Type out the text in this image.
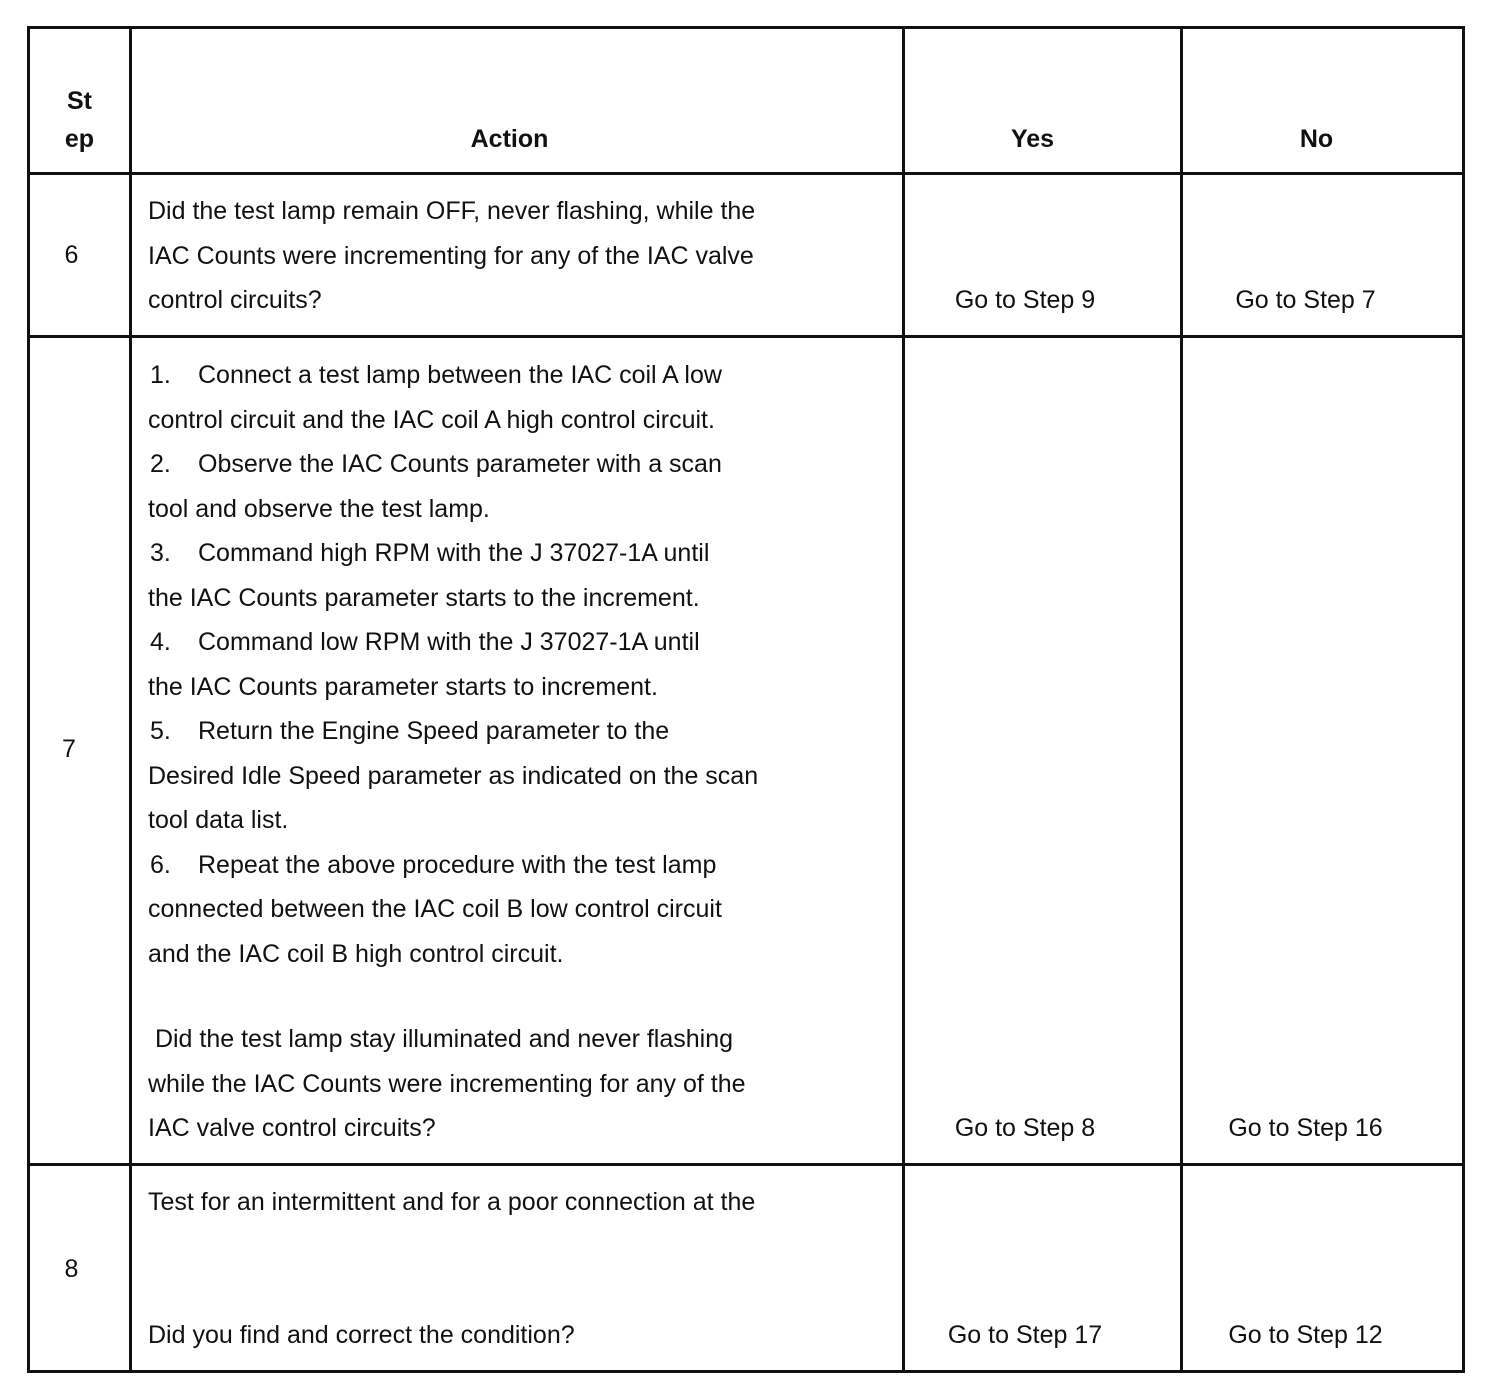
St
ep	Action	Yes	No
6
Did the test lamp remain OFF, never flashing, while the
IAC Counts were incrementing for any of the IAC valve
control circuits?	Go to Step 9	Go to Step 7
7
1. Connect a test lamp between the IAC coil A low
control circuit and the IAC coil A high control circuit.
2. Observe the IAC Counts parameter with a scan
tool and observe the test lamp.
3. Command high RPM with the J 37027-1A until
the IAC Counts parameter starts to the increment.
4. Command low RPM with the J 37027-1A until
the IAC Counts parameter starts to increment.
5. Return the Engine Speed parameter to the
Desired Idle Speed parameter as indicated on the scan
tool data list.
6. Repeat the above procedure with the test lamp
connected between the IAC coil B low control circuit
and the IAC coil B high control circuit.
Did the test lamp stay illuminated and never flashing
while the IAC Counts were incrementing for any of the
IAC valve control circuits?	Go to Step 8	Go to Step 16
8
Test for an intermittent and for a poor connection at the
Did you find and correct the condition?	Go to Step 17	Go to Step 12
